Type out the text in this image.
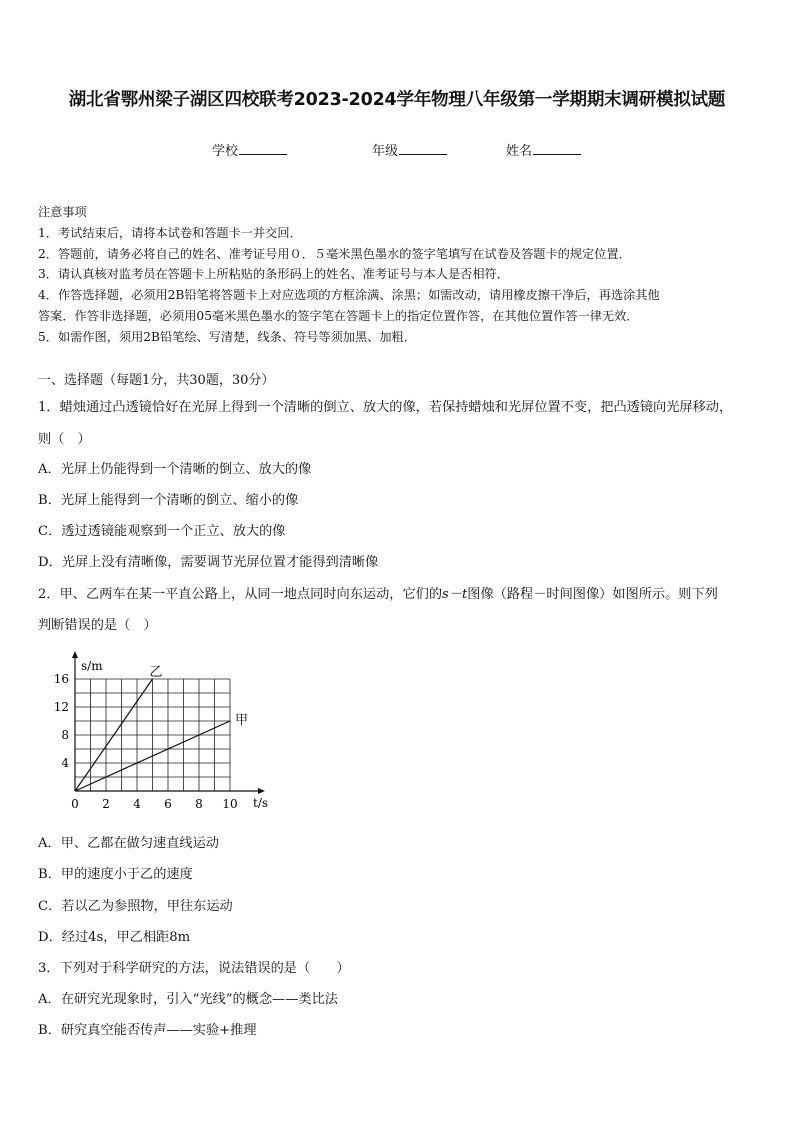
湖北省鄂州梁子湖区四校联考2023-2024学年物理八年级第一学期期末调研模拟试题
学校	年级	姓名
注意事项
1．考试结束后，请将本试卷和答题卡一并交回．
2．答题前，请务必将自己的姓名、准考证号用０．５毫米黑色墨水的签字笔填写在试卷及答题卡的规定位置．
3．请认真核对监考员在答题卡上所粘贴的条形码上的姓名、准考证号与本人是否相符．
4．作答选择题，必须用2B铅笔将答题卡上对应选项的方框涂满、涂黑；如需改动，请用橡皮擦干净后，再选涂其他
答案．作答非选择题，必须用05毫米黑色墨水的签字笔在答题卡上的指定位置作答，在其他位置作答一律无效．
5．如需作图，须用2B铅笔绘、写清楚，线条、符号等须加黑、加粗．
一、选择题（每题1分，共30题，30分）
1．蜡烛通过凸透镜恰好在光屏上得到一个清晰的倒立、放大的像，若保持蜡烛和光屏位置不变，把凸透镜向光屏移动，
则（　）
A．光屏上仍能得到一个清晰的倒立、放大的像
B．光屏上能得到一个清晰的倒立、缩小的像
C．透过透镜能观察到一个正立、放大的像
D．光屏上没有清晰像，需要调节光屏位置才能得到清晰像
2．甲、乙两车在某一平直公路上，从同一地点同时向东运动，它们的s－t图像（路程－时间图像）如图所示。则下列
判断错误的是（　）
0 2 4 6 8 10
4
8
12
16	乙
甲
s/m
t/s
A．甲、乙都在做匀速直线运动
B．甲的速度小于乙的速度
C．若以乙为参照物，甲往东运动
D．经过4s，甲乙相距8m
3．下列对于科学研究的方法，说法错误的是（　　）
A．在研究光现象时，引入“光线”的概念——类比法
B．研究真空能否传声——实验+推理
